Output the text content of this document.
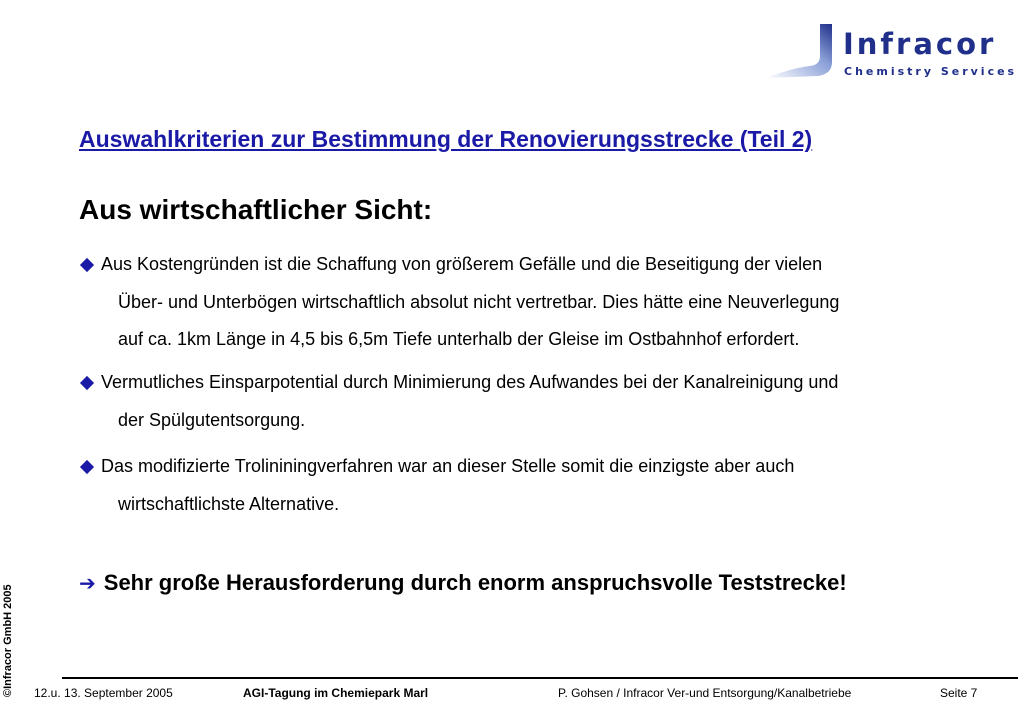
Infracor
Chemistry Services
Auswahlkriterien zur Bestimmung der Renovierungsstrecke (Teil 2)
Aus wirtschaftlicher Sicht:
Aus Kostengründen ist die Schaffung von größerem Gefälle und die Beseitigung der vielen
Über- und Unterbögen wirtschaftlich absolut nicht vertretbar. Dies hätte eine Neuverlegung
auf ca. 1km Länge in 4,5 bis 6,5m Tiefe unterhalb der Gleise im Ostbahnhof erfordert.
Vermutliches Einsparpotential durch Minimierung des Aufwandes bei der Kanalreinigung und
der Spülgutentsorgung.
Das modifizierte Trolininingverfahren war an dieser Stelle somit die einzigste aber auch
wirtschaftlichste Alternative.
➔ Sehr große Herausforderung durch enorm anspruchsvolle Teststrecke!
©Infracor GmbH 2005 12.u. 13. September 2005	AGI-Tagung im Chemiepark Marl	P. Gohsen / Infracor Ver-und Entsorgung/Kanalbetriebe	Seite 7
